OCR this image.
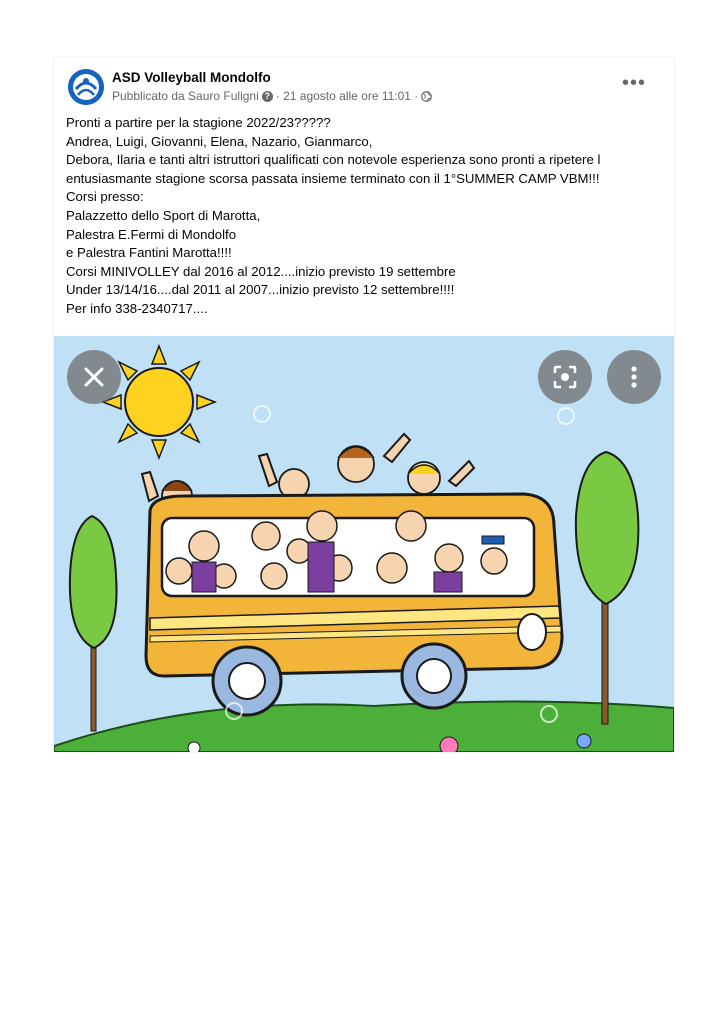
ASD Volleyball Mondolfo
Pubblicato da Sauro Fuligni ? · 21 agosto alle ore 11:01 ·
•••
Pronti a partire per la stagione 2022/23?????
Andrea, Luigi, Giovanni, Elena, Nazario, Gianmarco,
Debora, Ilaria e tanti altri istruttori qualificati con notevole esperienza sono pronti a ripetere l
entusiasmante stagione scorsa passata insieme terminato con il 1°SUMMER CAMP VBM!!!
Corsi presso:
Palazzetto dello Sport di Marotta,
Palestra E.Fermi di Mondolfo
e Palestra Fantini Marotta!!!!
Corsi MINIVOLLEY dal 2016 al 2012....inizio previsto 19 settembre
Under 13/14/16....dal 2011 al 2007...inizio previsto 12 settembre!!!!
Per info 338-2340717....
